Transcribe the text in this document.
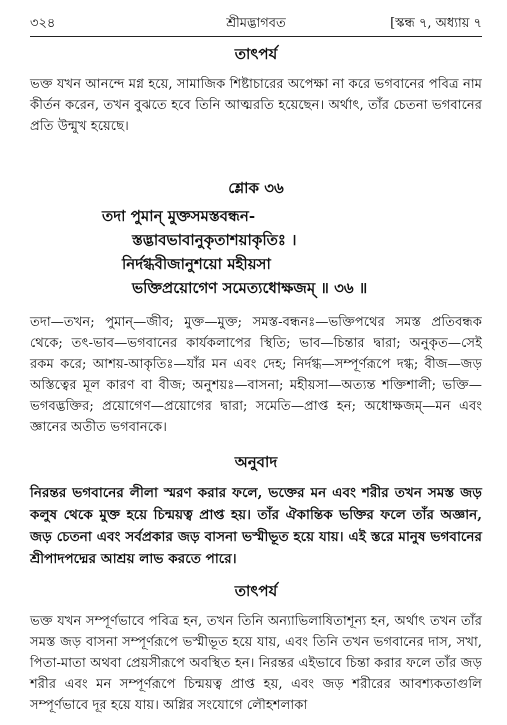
৩২৪	শ্রীমদ্ভাগবত	[স্কন্ধ ৭, অধ্যায় ৭
তাৎপর্য

ভক্ত যখন আনন্দে মগ্ন হয়ে, সামাজিক শিষ্টাচারের অপেক্ষা না করে ভগবানের পবিত্র নাম কীর্তন করেন, তখন বুঝতে হবে তিনি আত্মরতি হয়েছেন। অর্থাৎ, তাঁর চেতনা ভগবানের প্রতি উন্মুখ হয়েছে।

শ্লোক ৩৬
তদা পুমান্ মুক্তসমস্তবন্ধন-
স্তদ্ভাবভাবানুকৃতাশয়াকৃতিঃ ।
নির্দগ্ধবীজানুশয়ো মহীয়সা
ভক্তিপ্রয়োগেণ সমেত্যধোক্ষজম্ ॥ ৩৬ ॥

তদা—তখন; পুমান্—জীব; মুক্ত—মুক্ত; সমস্ত-বন্ধনঃ—ভক্তিপথের সমস্ত প্রতিবন্ধক থেকে; তৎ-ভাব—ভগবানের কার্যকলাপের স্থিতি; ভাব—চিন্তার দ্বারা; অনুকৃত—সেই রকম করে; আশয়-আকৃতিঃ—যাঁর মন এবং দেহ; নির্দগ্ধ—সম্পূর্ণরূপে দগ্ধ; বীজ—জড় অস্তিত্বের মূল কারণ বা বীজ; অনুশয়ঃ—বাসনা; মহীয়সা—অত্যন্ত শক্তিশালী; ভক্তি—ভগবদ্ভক্তির; প্রয়োগেণ—প্রয়োগের দ্বারা; সমেতি—প্রাপ্ত হন; অধোক্ষজম্—মন এবং জ্ঞানের অতীত ভগবানকে।

অনুবাদ

নিরন্তর ভগবানের লীলা স্মরণ করার ফলে, ভক্তের মন এবং শরীর তখন সমস্ত জড় কলুষ থেকে মুক্ত হয়ে চিন্ময়ত্ব প্রাপ্ত হয়। তাঁর ঐকান্তিক ভক্তির ফলে তাঁর অজ্ঞান, জড় চেতনা এবং সর্বপ্রকার জড় বাসনা ভস্মীভূত হয়ে যায়। এই স্তরে মানুষ ভগবানের শ্রীপাদপদ্মের আশ্রয় লাভ করতে পারে।

তাৎপর্য

ভক্ত যখন সম্পূর্ণভাবে পবিত্র হন, তখন তিনি অন্যাভিলাষিতাশূন্য হন, অর্থাৎ তখন তাঁর সমস্ত জড় বাসনা সম্পূর্ণরূপে ভস্মীভূত হয়ে যায়, এবং তিনি তখন ভগবানের দাস, সখা, পিতা-মাতা অথবা প্রেয়সীরূপে অবস্থিত হন। নিরন্তর এইভাবে চিন্তা করার ফলে তাঁর জড় শরীর এবং মন সম্পূর্ণরূপে চিন্ময়ত্ব প্রাপ্ত হয়, এবং জড় শরীরের আবশ্যকতাগুলি সম্পূর্ণভাবে দূর হয়ে যায়। অগ্নির সংযোগে লৌহশলাকা
